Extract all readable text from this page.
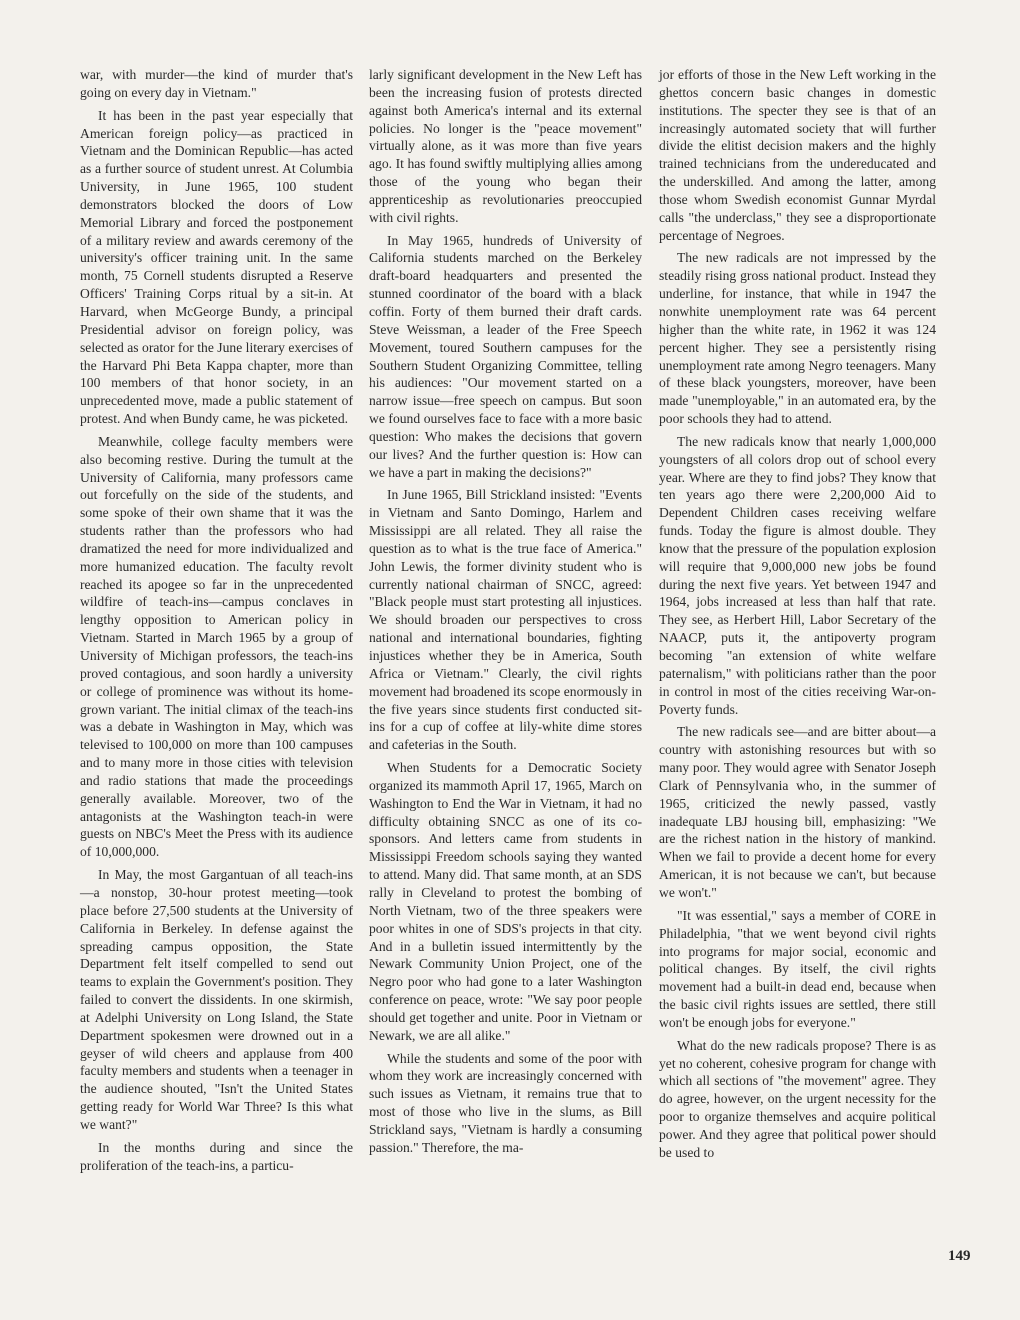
war, with murder—the kind of murder that's going on every day in Vietnam."

It has been in the past year especially that American foreign policy—as practiced in Vietnam and the Dominican Republic—has acted as a further source of student unrest. At Columbia University, in June 1965, 100 student demonstrators blocked the doors of Low Memorial Library and forced the postponement of a military review and awards ceremony of the university's officer training unit. In the same month, 75 Cornell students disrupted a Reserve Officers' Training Corps ritual by a sit-in. At Harvard, when McGeorge Bundy, a principal Presidential advisor on foreign policy, was selected as orator for the June literary exercises of the Harvard Phi Beta Kappa chapter, more than 100 members of that honor society, in an unprecedented move, made a public statement of protest. And when Bundy came, he was picketed.

Meanwhile, college faculty members were also becoming restive. During the tumult at the University of California, many professors came out forcefully on the side of the students, and some spoke of their own shame that it was the students rather than the professors who had dramatized the need for more individualized and more humanized education. The faculty revolt reached its apogee so far in the unprecedented wildfire of teach-ins—campus conclaves in lengthy opposition to American policy in Vietnam. Started in March 1965 by a group of University of Michigan professors, the teach-ins proved contagious, and soon hardly a university or college of prominence was without its home-grown variant. The initial climax of the teach-ins was a debate in Washington in May, which was televised to 100,000 on more than 100 campuses and to many more in those cities with television and radio stations that made the proceedings generally available. Moreover, two of the antagonists at the Washington teach-in were guests on NBC's Meet the Press with its audience of 10,000,000.

In May, the most Gargantuan of all teach-ins—a nonstop, 30-hour protest meeting—took place before 27,500 students at the University of California in Berkeley. In defense against the spreading campus opposition, the State Department felt itself compelled to send out teams to explain the Government's position. They failed to convert the dissidents. In one skirmish, at Adelphi University on Long Island, the State Department spokesmen were drowned out in a geyser of wild cheers and applause from 400 faculty members and students when a teenager in the audience shouted, "Isn't the United States getting ready for World War Three? Is this what we want?"

In the months during and since the proliferation of the teach-ins, a particu-

larly significant development in the New Left has been the increasing fusion of protests directed against both America's internal and its external policies. No longer is the "peace movement" virtually alone, as it was more than five years ago. It has found swiftly multiplying allies among those of the young who began their apprenticeship as revolutionaries preoccupied with civil rights.

In May 1965, hundreds of University of California students marched on the Berkeley draft-board headquarters and presented the stunned coordinator of the board with a black coffin. Forty of them burned their draft cards. Steve Weissman, a leader of the Free Speech Movement, toured Southern campuses for the Southern Student Organizing Committee, telling his audiences: "Our movement started on a narrow issue—free speech on campus. But soon we found ourselves face to face with a more basic question: Who makes the decisions that govern our lives? And the further question is: How can we have a part in making the decisions?"

In June 1965, Bill Strickland insisted: "Events in Vietnam and Santo Domingo, Harlem and Mississippi are all related. They all raise the question as to what is the true face of America." John Lewis, the former divinity student who is currently national chairman of SNCC, agreed: "Black people must start protesting all injustices. We should broaden our perspectives to cross national and international boundaries, fighting injustices whether they be in America, South Africa or Vietnam." Clearly, the civil rights movement had broadened its scope enormously in the five years since students first conducted sit-ins for a cup of coffee at lily-white dime stores and cafeterias in the South.

When Students for a Democratic Society organized its mammoth April 17, 1965, March on Washington to End the War in Vietnam, it had no difficulty obtaining SNCC as one of its co-sponsors. And letters came from students in Mississippi Freedom schools saying they wanted to attend. Many did. That same month, at an SDS rally in Cleveland to protest the bombing of North Vietnam, two of the three speakers were poor whites in one of SDS's projects in that city. And in a bulletin issued intermittently by the Newark Community Union Project, one of the Negro poor who had gone to a later Washington conference on peace, wrote: "We say poor people should get together and unite. Poor in Vietnam or Newark, we are all alike."

While the students and some of the poor with whom they work are increasingly concerned with such issues as Vietnam, it remains true that to most of those who live in the slums, as Bill Strickland says, "Vietnam is hardly a consuming passion." Therefore, the ma-

jor efforts of those in the New Left working in the ghettos concern basic changes in domestic institutions. The specter they see is that of an increasingly automated society that will further divide the elitist decision makers and the highly trained technicians from the undereducated and the underskilled. And among the latter, among those whom Swedish economist Gunnar Myrdal calls "the underclass," they see a disproportionate percentage of Negroes.

The new radicals are not impressed by the steadily rising gross national product. Instead they underline, for instance, that while in 1947 the nonwhite unemployment rate was 64 percent higher than the white rate, in 1962 it was 124 percent higher. They see a persistently rising unemployment rate among Negro teenagers. Many of these black youngsters, moreover, have been made "unemployable," in an automated era, by the poor schools they had to attend.

The new radicals know that nearly 1,000,000 youngsters of all colors drop out of school every year. Where are they to find jobs? They know that ten years ago there were 2,200,000 Aid to Dependent Children cases receiving welfare funds. Today the figure is almost double. They know that the pressure of the population explosion will require that 9,000,000 new jobs be found during the next five years. Yet between 1947 and 1964, jobs increased at less than half that rate. They see, as Herbert Hill, Labor Secretary of the NAACP, puts it, the antipoverty program becoming "an extension of white welfare paternalism," with politicians rather than the poor in control in most of the cities receiving War-on-Poverty funds.

The new radicals see—and are bitter about—a country with astonishing resources but with so many poor. They would agree with Senator Joseph Clark of Pennsylvania who, in the summer of 1965, criticized the newly passed, vastly inadequate LBJ housing bill, emphasizing: "We are the richest nation in the history of mankind. When we fail to provide a decent home for every American, it is not because we can't, but because we won't."

"It was essential," says a member of CORE in Philadelphia, "that we went beyond civil rights into programs for major social, economic and political changes. By itself, the civil rights movement had a built-in dead end, because when the basic civil rights issues are settled, there still won't be enough jobs for everyone."

What do the new radicals propose? There is as yet no coherent, cohesive program for change with which all sections of "the movement" agree. They do agree, however, on the urgent necessity for the poor to organize themselves and acquire political power. And they agree that political power should be used to

149
